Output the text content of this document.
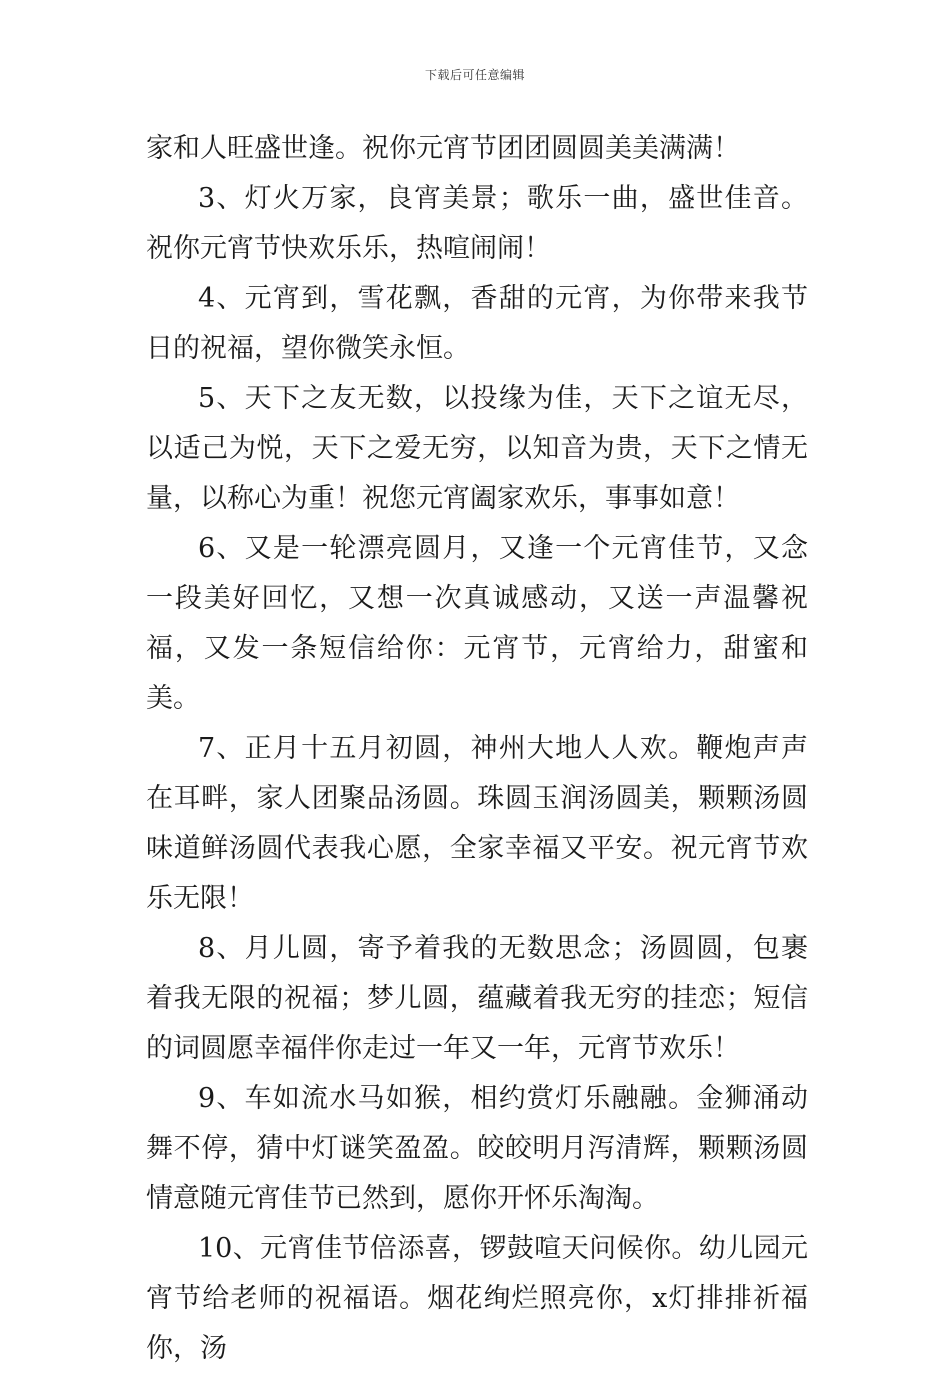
下载后可任意编辑

家和人旺盛世逢。祝你元宵节团团圆圆美美满满！

3、灯火万家，良宵美景；歌乐一曲，盛世佳音。祝你元宵节快欢乐乐，热喧闹闹！

4、元宵到，雪花飘，香甜的元宵，为你带来我节日的祝福，望你微笑永恒。

5、天下之友无数，以投缘为佳，天下之谊无尽，以适己为悦，天下之爱无穷，以知音为贵，天下之情无量，以称心为重！祝您元宵阖家欢乐，事事如意！

6、又是一轮漂亮圆月，又逢一个元宵佳节，又念一段美好回忆，又想一次真诚感动，又送一声温馨祝福，又发一条短信给你：元宵节，元宵给力，甜蜜和美。

7、正月十五月初圆，神州大地人人欢。鞭炮声声在耳畔，家人团聚品汤圆。珠圆玉润汤圆美，颗颗汤圆味道鲜汤圆代表我心愿，全家幸福又平安。祝元宵节欢乐无限！

8、月儿圆，寄予着我的无数思念；汤圆圆，包裹着我无限的祝福；梦儿圆，蕴藏着我无穷的挂恋；短信的词圆愿幸福伴你走过一年又一年，元宵节欢乐！

9、车如流水马如猴，相约赏灯乐融融。金狮涌动舞不停，猜中灯谜笑盈盈。皎皎明月泻清辉，颗颗汤圆情意随元宵佳节已然到，愿你开怀乐淘淘。

10、元宵佳节倍添喜，锣鼓喧天问候你。幼儿园元宵节给老师的祝福语。烟花绚烂照亮你，x灯排排祈福你，汤
